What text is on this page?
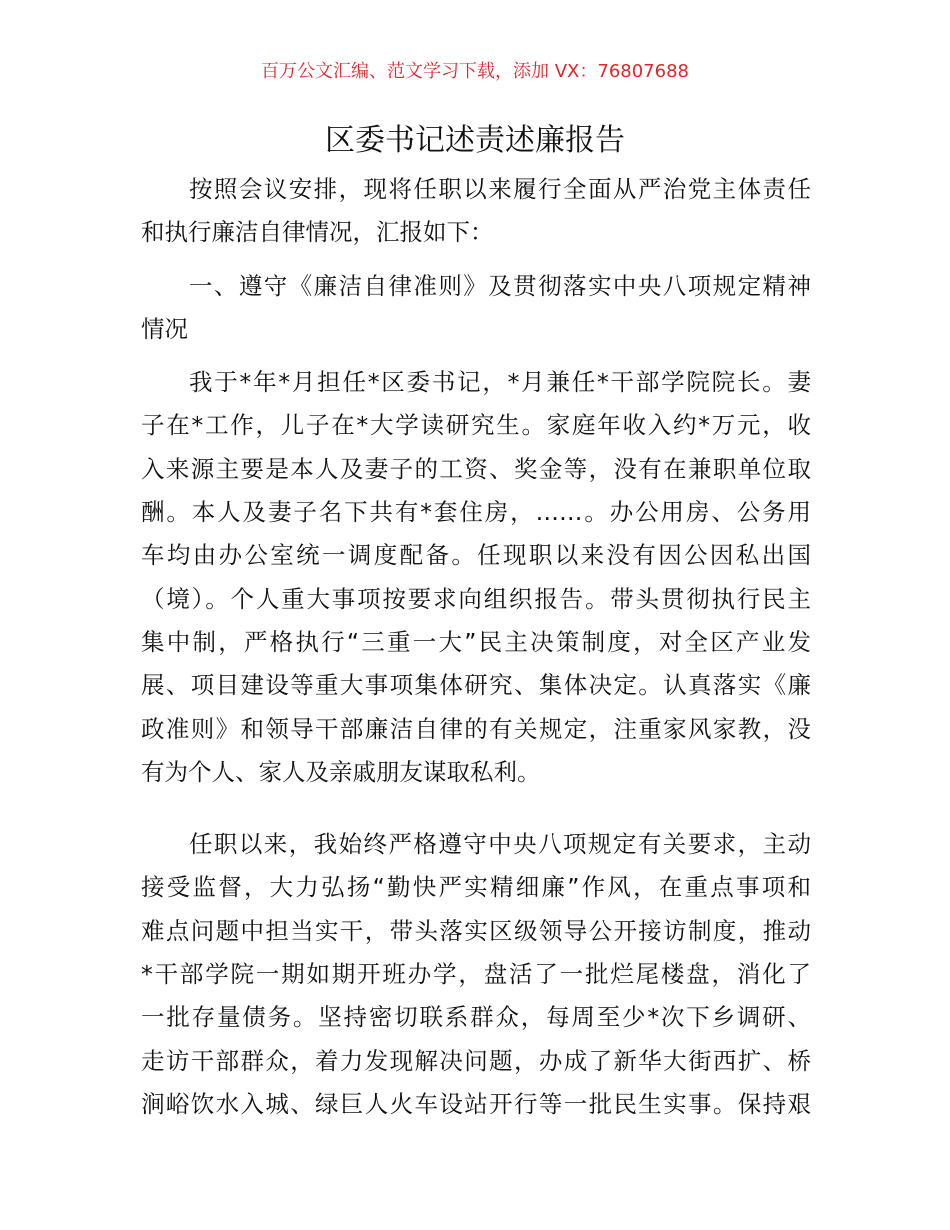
百万公文汇编、范文学习下载，添加 VX：76807688
区委书记述责述廉报告
按照会议安排，现将任职以来履行全面从严治党主体责任
和执行廉洁自律情况，汇报如下：
一、遵守《廉洁自律准则》及贯彻落实中央八项规定精神
情况
我于*年*月担任*区委书记，*月兼任*干部学院院长。妻
子在*工作，儿子在*大学读研究生。家庭年收入约*万元，收
入来源主要是本人及妻子的工资、奖金等，没有在兼职单位取
酬。本人及妻子名下共有*套住房，……。办公用房、公务用
车均由办公室统一调度配备。任现职以来没有因公因私出国
（境）。个人重大事项按要求向组织报告。带头贯彻执行民主
集中制，严格执行“三重一大”民主决策制度，对全区产业发
展、项目建设等重大事项集体研究、集体决定。认真落实《廉
政准则》和领导干部廉洁自律的有关规定，注重家风家教，没
有为个人、家人及亲戚朋友谋取私利。
任职以来，我始终严格遵守中央八项规定有关要求，主动
接受监督，大力弘扬“勤快严实精细廉”作风，在重点事项和
难点问题中担当实干，带头落实区级领导公开接访制度，推动
*干部学院一期如期开班办学，盘活了一批烂尾楼盘，消化了
一批存量债务。坚持密切联系群众，每周至少*次下乡调研、
走访干部群众，着力发现解决问题，办成了新华大街西扩、桥
涧峪饮水入城、绿巨人火车设站开行等一批民生实事。保持艰
